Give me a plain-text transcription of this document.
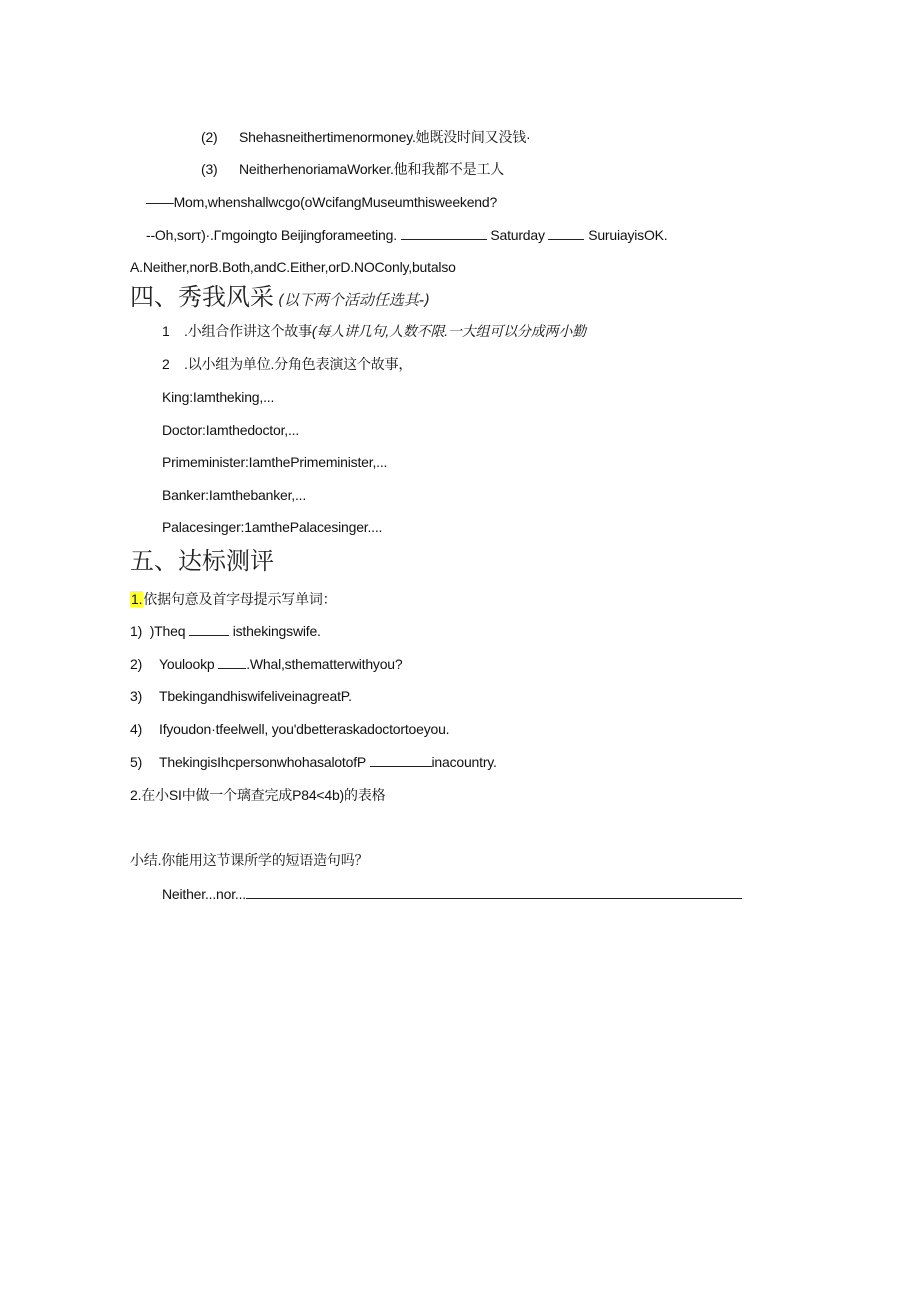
(2) Shehasneithertimenormoney.她既没时间又没钱·
(3) NeitherhenoriamaWorker.他和我都不是工人
——Mom,whenshallwcgo(oWcifangMuseumthisweekend?
--Oh,sorτ)·.Γmgoingto Beijingforameeting.	Saturday	SuruiayisOK.
A.Neither,norB.Both,andC.Either,orD.NOConly,butalso
四、秀我风采 (以下两个活动任选其-)
1 .小组合作讲这个故事(每人讲几句,人数不限.一大组可以分成两小勤
2 .以小组为单位.分角色表演这个故事，
King:Iamtheking,...
Doctor:Iamthedoctor,...
Primeminister:IamthePrimeminister,...
Banker:Iamthebanker,...
Palacesinger:1amthePalacesinger....
五、达标测评
1.依据句意及首字母提示写单词：
1) )Theq	isthekingswife.
2) Youlookp .Whal,sthematterwithyou?
3) TbekingandhiswifeliveinagreatP.
4) Ifyoudon·tfeelwell, you'dbetteraskadoctortoeyou.
5) ThekingisIhcpersonwhohasalotofP	inacountry.
2.在小SI中做一个璃查完成P84<4b)的表格
小结.你能用这节课所学的短语造句吗？
Neither...nor...
